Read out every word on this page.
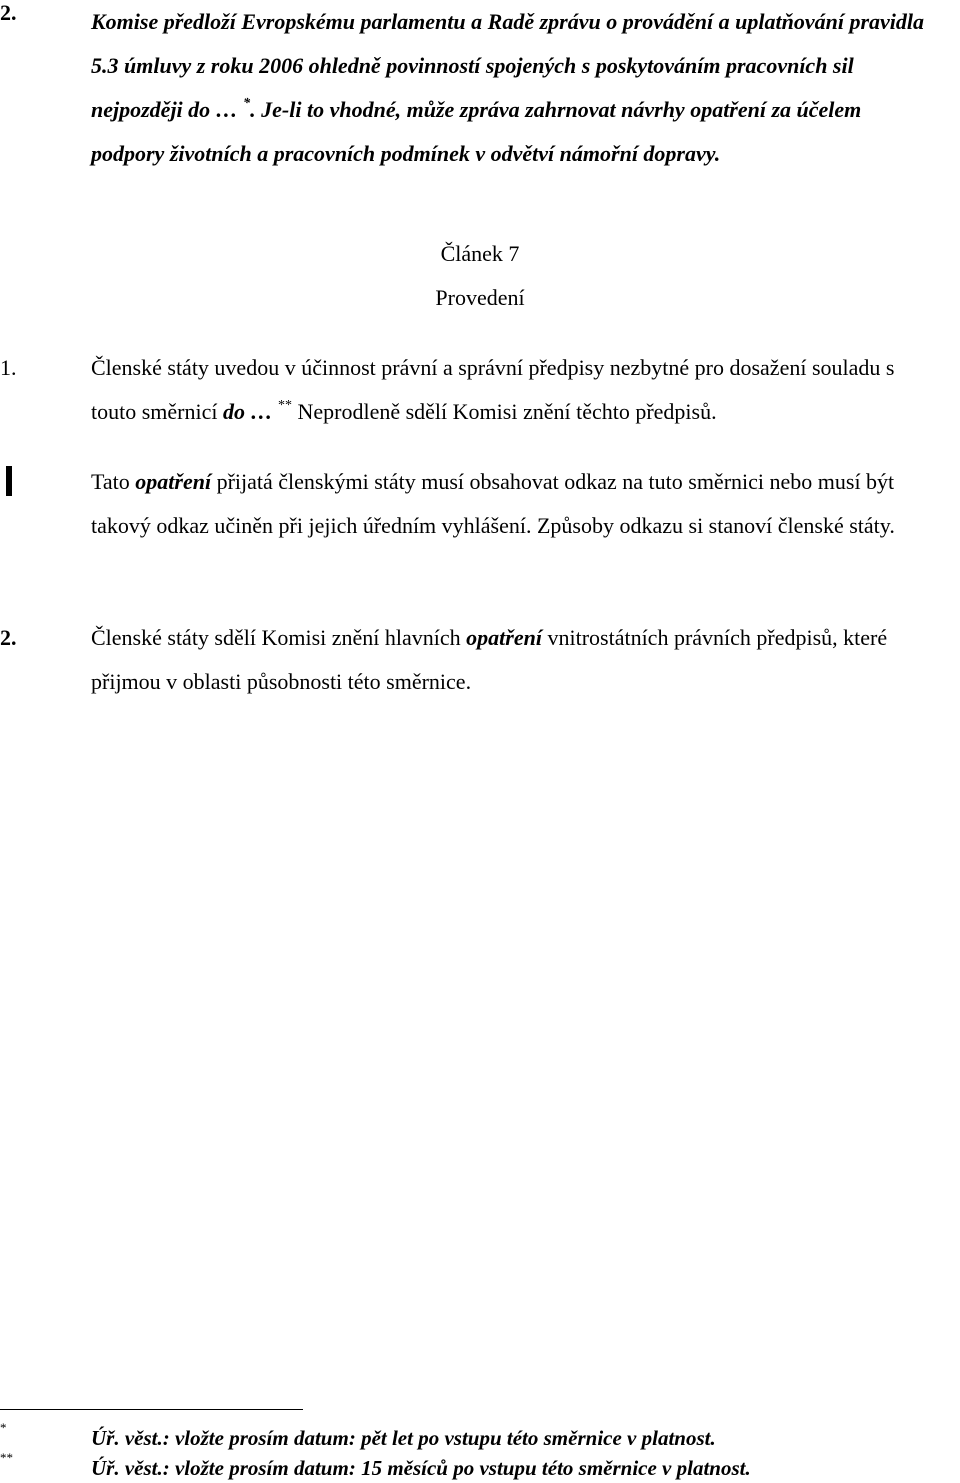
2.	Komise předloží Evropskému parlamentu a Radě zprávu o provádění a uplatňování pravidla 5.3 úmluvy z roku 2006 ohledně povinností spojených s poskytováním pracovních sil nejpozději do … *. Je-li to vhodné, může zpráva zahrnovat návrhy opatření za účelem podpory životních a pracovních podmínek v odvětví námořní dopravy.
Článek 7
Provedení
1.	Členské státy uvedou v účinnost právní a správní předpisy nezbytné pro dosažení souladu s touto směrnicí do … ** Neprodleně sdělí Komisi znění těchto předpisů.
Tato opatření přijatá členskými státy musí obsahovat odkaz na tuto směrnici nebo musí být takový odkaz učiněn při jejich úředním vyhlášení. Způsoby odkazu si stanoví členské státy.
2.	Členské státy sdělí Komisi znění hlavních opatření vnitrostátních právních předpisů, které přijmou v oblasti působnosti této směrnice.
*	Úř. věst.: vložte prosím datum: pět let po vstupu této směrnice v platnost.
**	Úř. věst.: vložte prosím datum: 15 měsíců po vstupu této směrnice v platnost.
